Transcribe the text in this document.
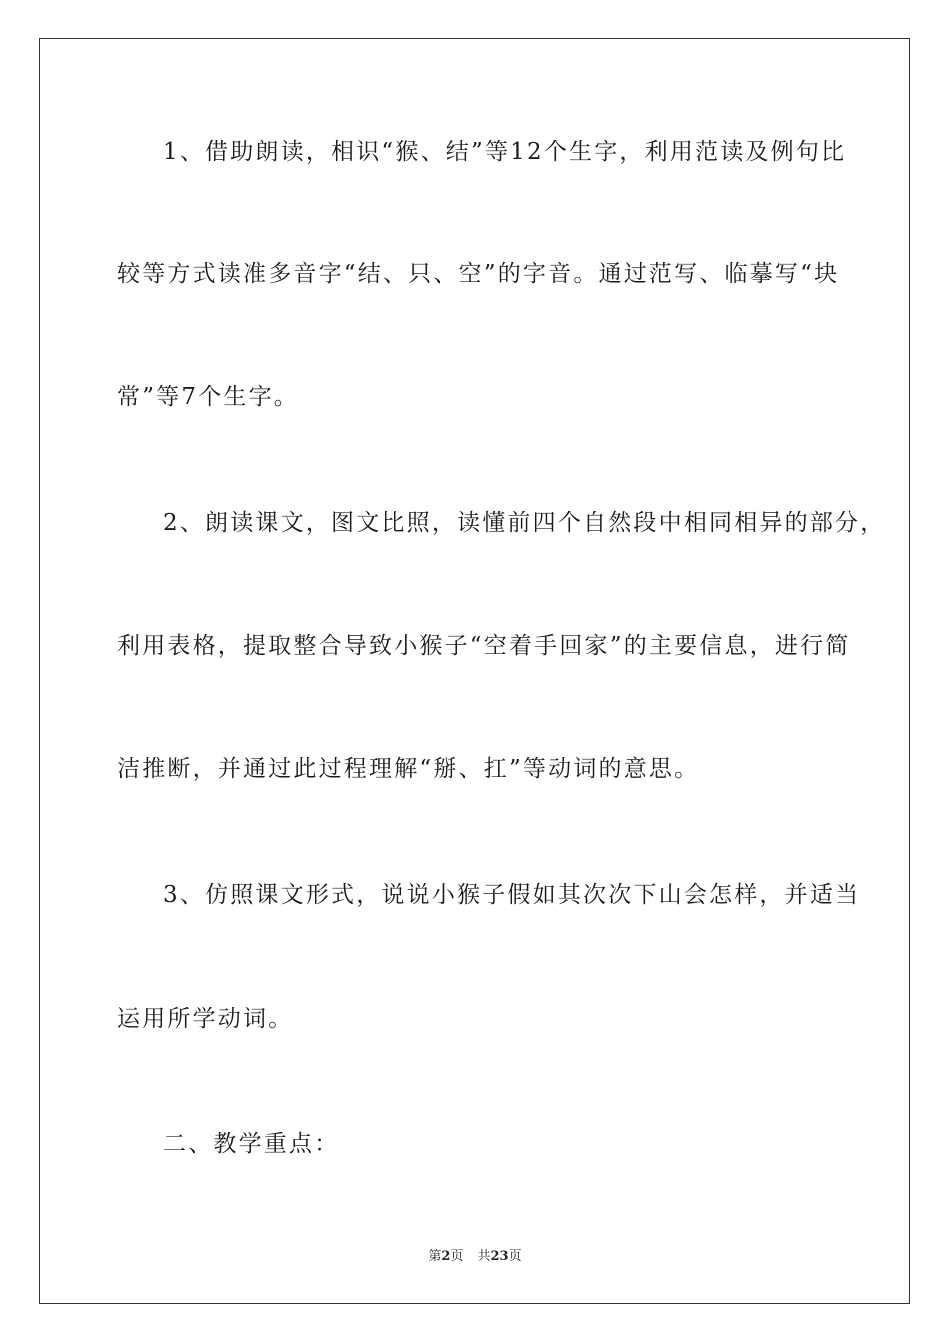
1、借助朗读，相识“猴、结”等12个生字，利用范读及例句比
较等方式读准多音字“结、只、空”的字音。通过范写、临摹写“块
常”等7个生字。
2、朗读课文，图文比照，读懂前四个自然段中相同相异的部分，
利用表格，提取整合导致小猴子“空着手回家”的主要信息，进行简
洁推断，并通过此过程理解“掰、扛”等动词的意思。
3、仿照课文形式，说说小猴子假如其次次下山会怎样，并适当
运用所学动词。
二、教学重点：
第2页 共23页
